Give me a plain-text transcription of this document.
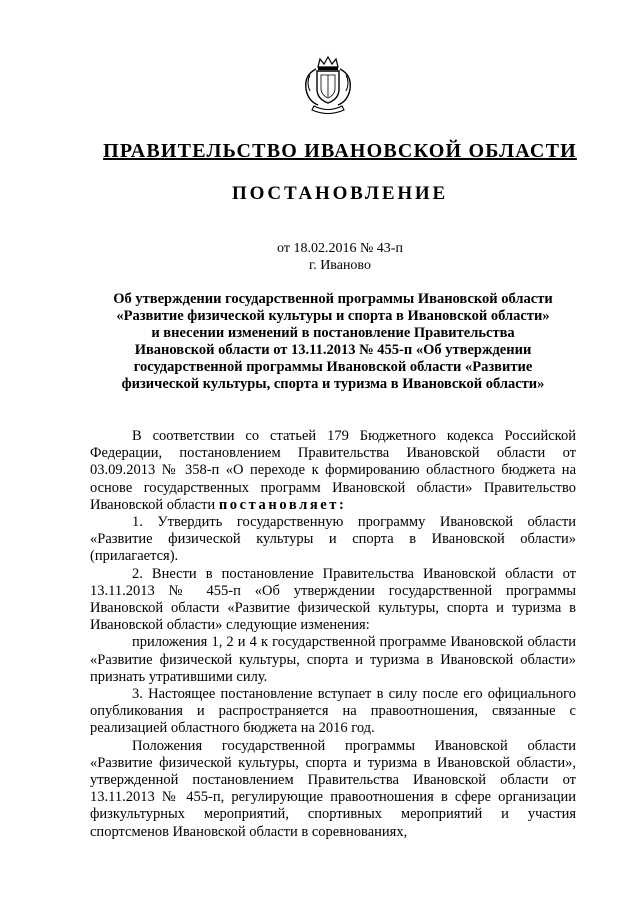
ПРАВИТЕЛЬСТВО ИВАНОВСКОЙ ОБЛАСТИ
ПОСТАНОВЛЕНИЕ
от 18.02.2016 № 43-п
г. Иваново
Об утверждении государственной программы Ивановской области
«Развитие физической культуры и спорта в Ивановской области»
и внесении изменений в постановление Правительства
Ивановской области от 13.11.2013 № 455-п «Об утверждении
государственной программы Ивановской области «Развитие
физической культуры, спорта и туризма в Ивановской области»

В соответствии со статьей 179 Бюджетного кодекса Российской Федерации, постановлением Правительства Ивановской области от 03.09.2013 № 358-п «О переходе к формированию областного бюджета на основе государственных программ Ивановской области» Правительство Ивановской области постановляет:

1. Утвердить государственную программу Ивановской области «Развитие физической культуры и спорта в Ивановской области» (прилагается).

2. Внести в постановление Правительства Ивановской области от 13.11.2013 № 455-п «Об утверждении государственной программы Ивановской области «Развитие физической культуры, спорта и туризма в Ивановской области» следующие изменения:

приложения 1, 2 и 4 к государственной программе Ивановской области «Развитие физической культуры, спорта и туризма в Ивановской области» признать утратившими силу.

3. Настоящее постановление вступает в силу после его официального опубликования и распространяется на правоотношения, связанные с реализацией областного бюджета на 2016 год.

Положения государственной программы Ивановской области «Развитие физической культуры, спорта и туризма в Ивановской области», утвержденной постановлением Правительства Ивановской области от 13.11.2013 № 455-п, регулирующие правоотношения в сфере организации физкультурных мероприятий, спортивных мероприятий и участия спортсменов Ивановской области в соревнованиях,
